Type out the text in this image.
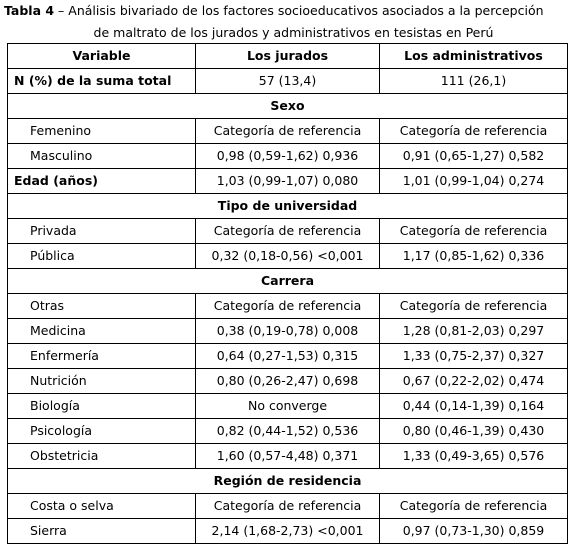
Tabla 4 – Análisis bivariado de los factores socioeducativos asociados a la percepción
de maltrato de los jurados y administrativos en tesistas en Perú
Variable	Los jurados	Los administrativos
N (%) de la suma total	57 (13,4)	111 (26,1)
Sexo		
Femenino	Categoría de referencia	Categoría de referencia
Masculino	0,98 (0,59-1,62) 0,936	0,91 (0,65-1,27) 0,582
Edad (años)	1,03 (0,99-1,07) 0,080	1,01 (0,99-1,04) 0,274
Tipo de universidad		
Privada	Categoría de referencia	Categoría de referencia
Pública	0,32 (0,18-0,56) <0,001	1,17 (0,85-1,62) 0,336
Carrera		
Otras	Categoría de referencia	Categoría de referencia
Medicina	0,38 (0,19-0,78) 0,008	1,28 (0,81-2,03) 0,297
Enfermería	0,64 (0,27-1,53) 0,315	1,33 (0,75-2,37) 0,327
Nutrición	0,80 (0,26-2,47) 0,698	0,67 (0,22-2,02) 0,474
Biología	No converge	0,44 (0,14-1,39) 0,164
Psicología	0,82 (0,44-1,52) 0,536	0,80 (0,46-1,39) 0,430
Obstetricia	1,60 (0,57-4,48) 0,371	1,33 (0,49-3,65) 0,576
Región de residencia		
Costa o selva	Categoría de referencia	Categoría de referencia
Sierra	2,14 (1,68-2,73) <0,001	0,97 (0,73-1,30) 0,859
